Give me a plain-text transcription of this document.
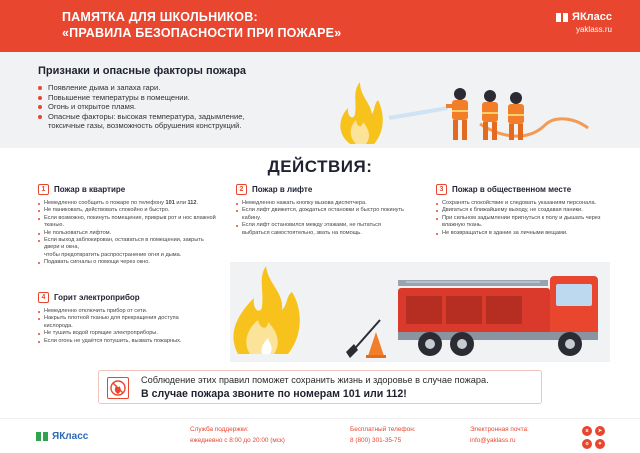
ПАМЯТКА ДЛЯ ШКОЛЬНИКОВ:
«ПРАВИЛА БЕЗОПАСНОСТИ ПРИ ПОЖАРЕ»
ЯКласс
yaklass.ru
Признаки и опасные факторы пожара
Появление дыма и запаха гари.
Повышение температуры в помещении.
Огонь и открытое пламя.
Опасные факторы: высокая температура, задымление, токсичные газы, возможность обрушения конструкций.
ДЕЙСТВИЯ:
1	Пожар в квартире
Немедленно сообщить о пожаре по телефону 101 или 112.
Не паниковать, действовать спокойно и быстро.
Если возможно, покинуть помещение, прикрыв рот и нос влажной тканью.
Не пользоваться лифтом.
Если выход заблокирован, оставаться в помещении, закрыть двери и окна,
чтобы предотвратить распространение огня и дыма.
Подавать сигналы о помощи через окно.
2	Пожар в лифте
Немедленно нажать кнопку вызова диспетчера.
Если лифт движется, дождаться остановки и быстро покинуть кабину.
Если лифт остановился между этажами, не пытаться выбраться самостоятельно, звать на помощь.
3	Пожар в общественном месте
Сохранять спокойствие и следовать указаниям персонала.
Двигаться к ближайшему выходу, не создавая паники.
При сильном задымлении пригнуться к полу и дышать через влажную ткань.
Не возвращаться в здание за личными вещами.
4	Горит электроприбор
Немедленно отключить прибор от сети.
Накрыть плотной тканью для прекращения доступа кислорода.
Не тушить водой горящие электроприборы.
Если огонь не удаётся потушить, вызвать пожарных.
Соблюдение этих правил поможет сохранить жизнь и здоровье в случае пожара.
В случае пожара звоните по номерам 101 или 112!
ЯКласс
Служба поддержки:
ежедневно с 8:00 до 20:00 (мск)
Бесплатный телефон:
8 (800) 301-35-75
Электронная почта:
info@yaklass.ru
в	➤
о	✦
